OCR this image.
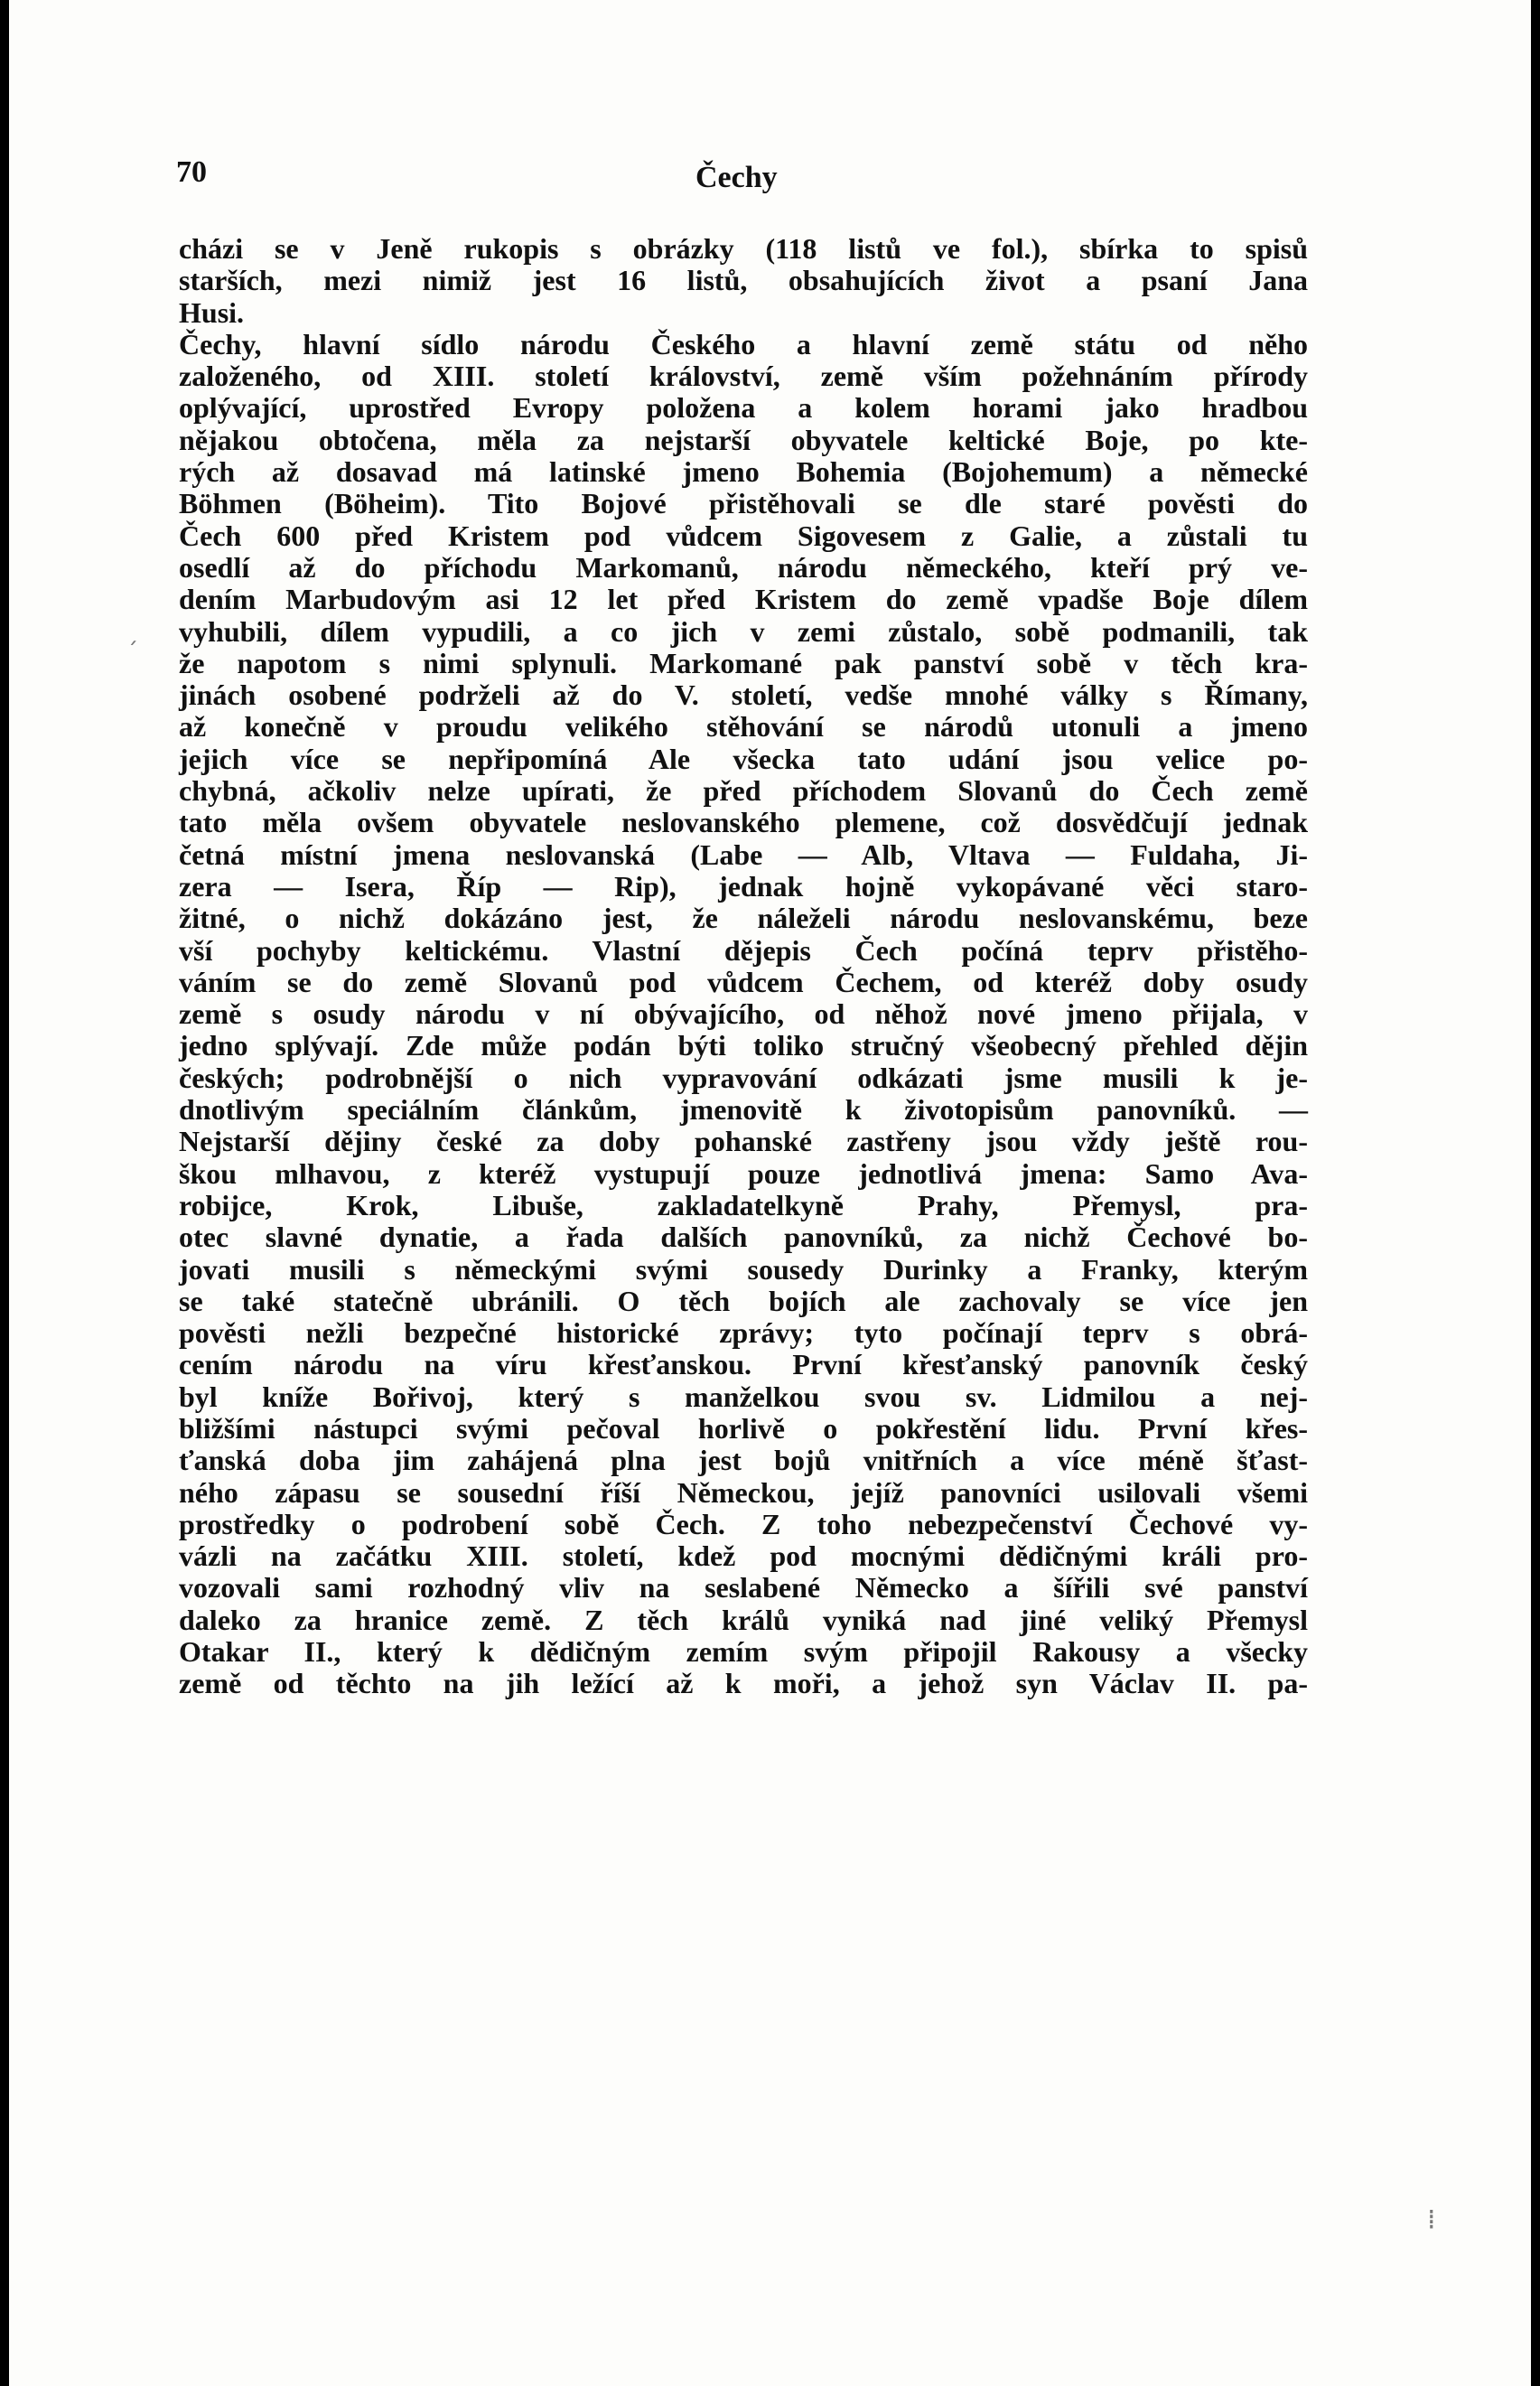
70	Čechy
cházi se v Jeně rukopis s obrázky (118 listů ve fol.), sbírka to spisů
starších, mezi nimiž jest 16 listů, obsahujících život a psaní Jana
Husi.
Čechy, hlavní sídlo národu Českého a hlavní země státu od něho
založeného, od XIII. století království, země vším požehnáním přírody
oplývající, uprostřed Evropy položena a kolem horami jako hradbou
nějakou obtočena, měla za nejstarší obyvatele keltické Boje, po kte-
rých až dosavad má latinské jmeno Bohemia (Bojohemum) a německé
Böhmen (Böheim). Tito Bojové přistěhovali se dle staré pověsti do
Čech 600 před Kristem pod vůdcem Sigovesem z Galie, a zůstali tu
osedlí až do příchodu Markomanů, národu německého, kteří prý ve-
dením Marbudovým asi 12 let před Kristem do země vpadše Boje dílem
vyhubili, dílem vypudili, a co jich v zemi zůstalo, sobě podmanili, tak
že napotom s nimi splynuli. Markomané pak panství sobě v těch kra-
jinách osobené podrželi až do V. století, vedše mnohé války s Římany,
až konečně v proudu velikého stěhování se národů utonuli a jmeno
jejich více se nepřipomíná Ale všecka tato udání jsou velice po-
chybná, ačkoliv nelze upírati, že před příchodem Slovanů do Čech země
tato měla ovšem obyvatele neslovanského plemene, což dosvědčují jednak
četná místní jmena neslovanská (Labe — Alb, Vltava — Fuldaha, Ji-
zera — Isera, Říp — Rip), jednak hojně vykopávané věci staro-
žitné, o nichž dokázáno jest, že náleželi národu neslovanskému, beze
vší pochyby keltickému. Vlastní dějepis Čech počíná teprv přistěho-
váním se do země Slovanů pod vůdcem Čechem, od kteréž doby osudy
země s osudy národu v ní obývajícího, od něhož nové jmeno přijala, v
jedno splývají. Zde může podán býti toliko stručný všeobecný přehled dějin
českých; podrobnější o nich vypravování odkázati jsme musili k je-
dnotlivým speciálním článkům, jmenovitě k životopisům panovníků. —
Nejstarší dějiny české za doby pohanské zastřeny jsou vždy ještě rou-
škou mlhavou, z kteréž vystupují pouze jednotlivá jmena: Samo Ava-
robijce, Krok, Libuše, zakladatelkyně Prahy, Přemysl, pra-
otec slavné dynatie, a řada dalších panovníků, za nichž Čechové bo-
jovati musili s německými svými sousedy Durinky a Franky, kterým
se také statečně ubránili. O těch bojích ale zachovaly se více jen
pověsti nežli bezpečné historické zprávy; tyto počínají teprv s obrá-
cením národu na víru křesťanskou. První křesťanský panovník český
byl kníže Bořivoj, který s manželkou svou sv. Lidmilou a nej-
bližšími nástupci svými pečoval horlivě o pokřestění lidu. První křes-
ťanská doba jim zahájená plna jest bojů vnitřních a více méně šťast-
ného zápasu se sousední říší Německou, jejíž panovníci usilovali všemi
prostředky o podrobení sobě Čech. Z toho nebezpečenství Čechové vy-
vázli na začátku XIII. století, kdež pod mocnými dědičnými králi pro-
vozovali sami rozhodný vliv na seslabené Německo a šířili své panství
daleko za hranice země. Z těch králů vyniká nad jiné veliký Přemysl
Otakar II., který k dědičným zemím svým připojil Rakousy a všecky
země od těchto na jih ležící až k moři, a jehož syn Václav II. pa-
ˏ
⁞
